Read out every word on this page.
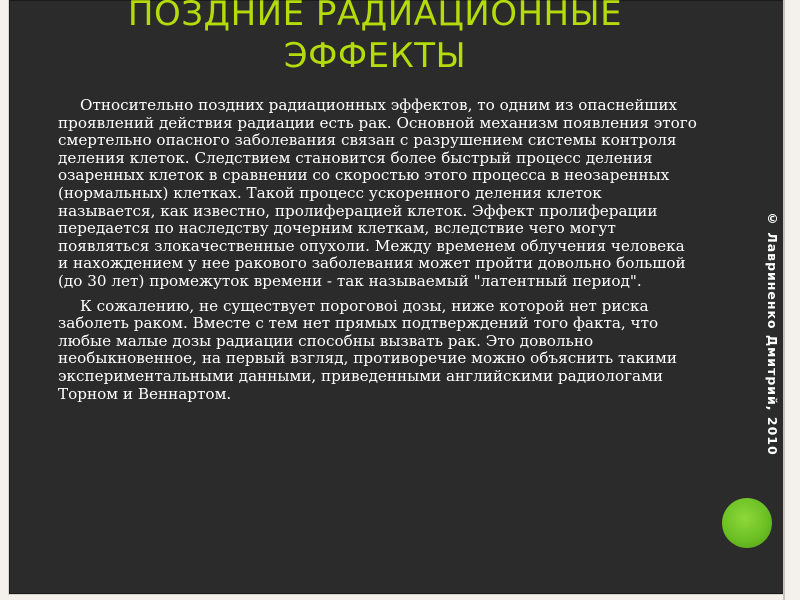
ПОЗДНИЕ РАДИАЦИОННЫЕ ЭФФЕКТЫ

Относительно поздних радиационных эффектов, то одним из опаснейших проявлений действия радиации есть рак. Основной механизм появления этого смертельно опасного заболевания связан с разрушением системы контроля деления клеток. Следствием становится более быстрый процесс деления озаренных клеток в сравнении со скоростью этого процесса в неозаренных (нормальных) клетках. Такой процесс ускоренного деления клеток называется, как известно, пролиферацией клеток. Эффект пролиферации передается по наследству дочерним клеткам, вследствие чего могут появляться злокачественные опухоли. Между временем облучения человека и нахождением у нее ракового заболевания может пройти довольно большой (до 30 лет) промежуток времени - так называемый "латентный период".

К сожалению, не существует пороговоі дозы, ниже которой нет риска заболеть раком. Вместе с тем нет прямых подтверждений того факта, что любые малые дозы радиации способны вызвать рак. Это довольно необыкновенное, на первый взгляд, противоречие можно объяснить такими экспериментальными данными, приведенными английскими радиологами Торном и Веннартом.	© Лавриненко Дмитрий, 2010
